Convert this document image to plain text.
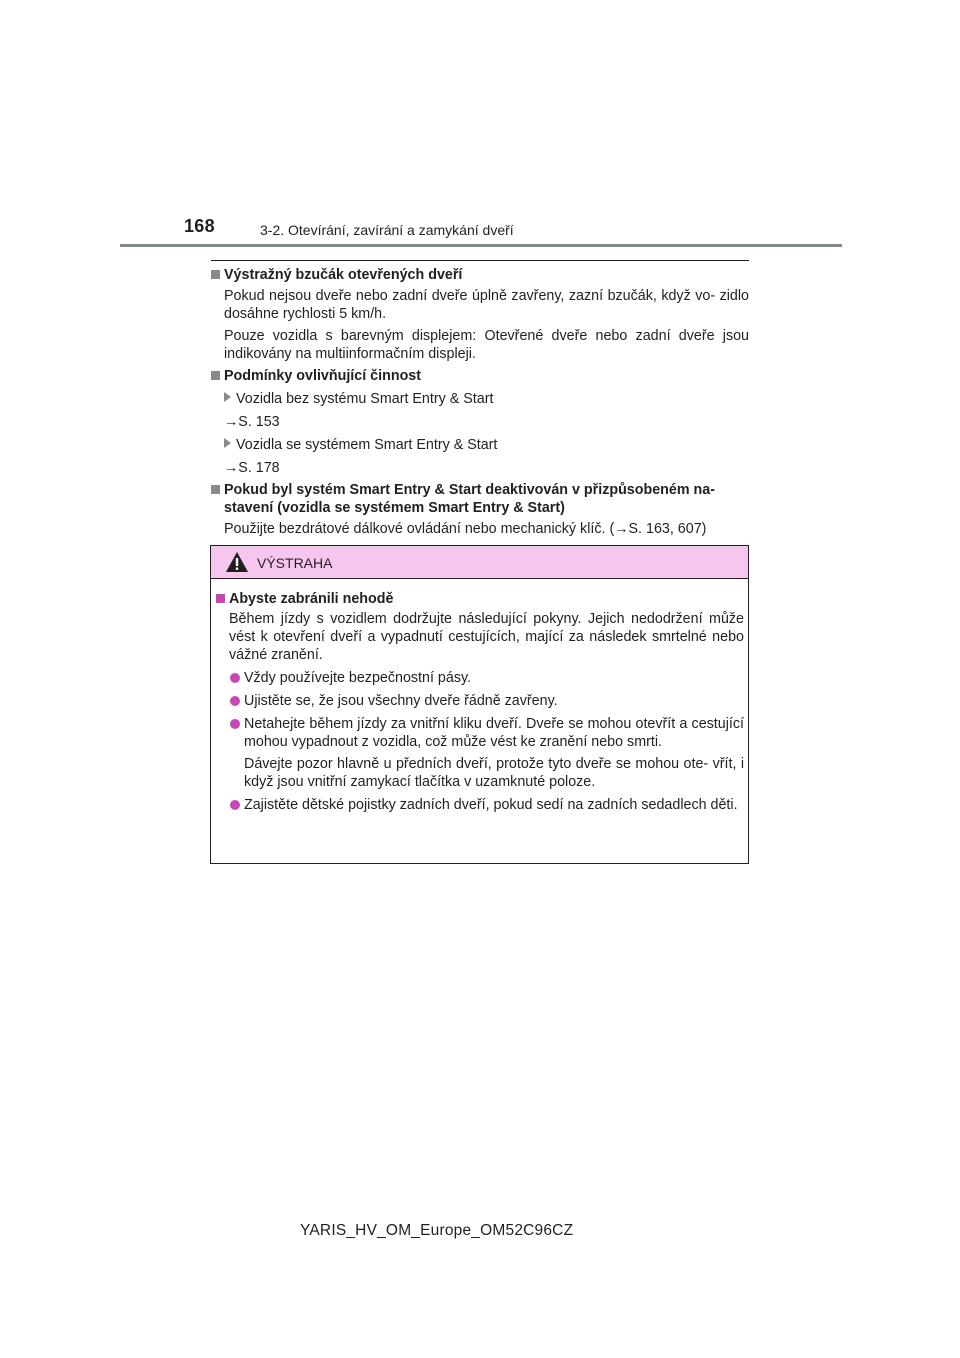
168	3-2. Otevírání, zavírání a zamykání dveří
Výstražný bzučák otevřených dveří
Pokud nejsou dveře nebo zadní dveře úplně zavřeny, zazní bzučák, když vo- zidlo dosáhne rychlosti 5 km/h.
Pouze vozidla s barevným displejem: Otevřené dveře nebo zadní dveře jsou indikovány na multiinformačním displeji.
Podmínky ovlivňující činnost
Vozidla bez systému Smart Entry & Start
→S. 153
Vozidla se systémem Smart Entry & Start
→S. 178
Pokud byl systém Smart Entry & Start deaktivován v přizpůsobeném na- stavení (vozidla se systémem Smart Entry & Start)
Použijte bezdrátové dálkové ovládání nebo mechanický klíč. (→S. 163, 607)
VÝSTRAHA
Abyste zabránili nehodě
Během jízdy s vozidlem dodržujte následující pokyny. Jejich nedodržení může vést k otevření dveří a vypadnutí cestujících, mající za následek smrtelné nebo vážné zranění.
Vždy používejte bezpečnostní pásy.
Ujistěte se, že jsou všechny dveře řádně zavřeny.
Netahejte během jízdy za vnitřní kliku dveří. Dveře se mohou otevřít a cestující mohou vypadnout z vozidla, což může vést ke zranění nebo smrti.
Dávejte pozor hlavně u předních dveří, protože tyto dveře se mohou ote- vřít, i když jsou vnitřní zamykací tlačítka v uzamknuté poloze.
Zajistěte dětské pojistky zadních dveří, pokud sedí na zadních sedadlech děti.
YARIS_HV_OM_Europe_OM52C96CZ
